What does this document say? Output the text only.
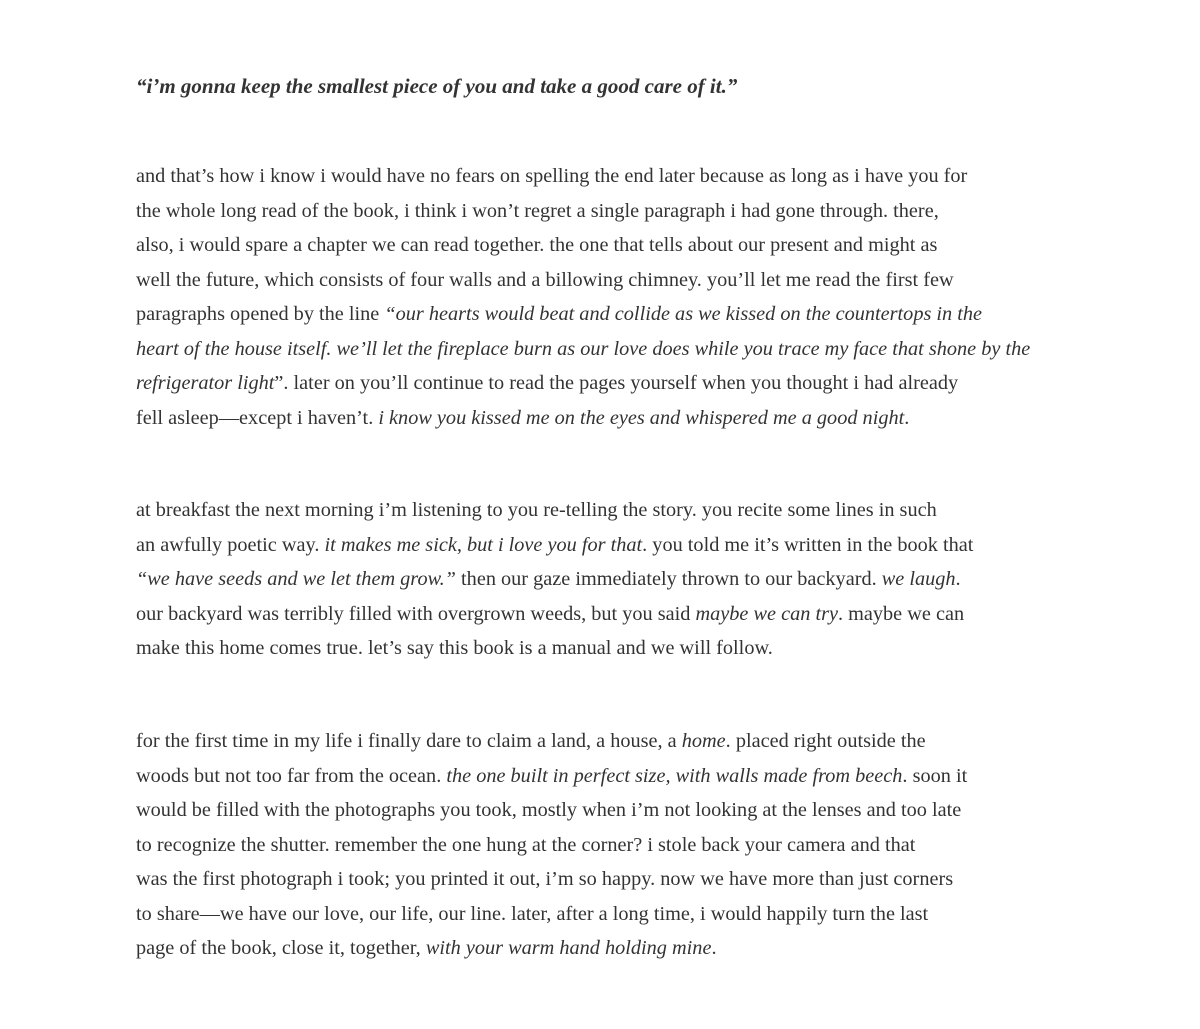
“i’m gonna keep the smallest piece of you and take a good care of it.”
and that’s how i know i would have no fears on spelling the end later because as long as i have you for
the whole long read of the book, i think i won’t regret a single paragraph i had gone through. there,
also, i would spare a chapter we can read together. the one that tells about our present and might as
well the future, which consists of four walls and a billowing chimney. you’ll let me read the first few
paragraphs opened by the line “our hearts would beat and collide as we kissed on the countertops in the
heart of the house itself. we’ll let the fireplace burn as our love does while you trace my face that shone by the
refrigerator light”. later on you’ll continue to read the pages yourself when you thought i had already
fell asleep—except i haven’t. i know you kissed me on the eyes and whispered me a good night.
at breakfast the next morning i’m listening to you re-telling the story. you recite some lines in such
an awfully poetic way. it makes me sick, but i love you for that. you told me it’s written in the book that
“we have seeds and we let them grow.” then our gaze immediately thrown to our backyard. we laugh.
our backyard was terribly filled with overgrown weeds, but you said maybe we can try. maybe we can
make this home comes true. let’s say this book is a manual and we will follow.
for the first time in my life i finally dare to claim a land, a house, a home. placed right outside the
woods but not too far from the ocean. the one built in perfect size, with walls made from beech. soon it
would be filled with the photographs you took, mostly when i’m not looking at the lenses and too late
to recognize the shutter. remember the one hung at the corner? i stole back your camera and that
was the first photograph i took; you printed it out, i’m so happy. now we have more than just corners
to share—we have our love, our life, our line. later, after a long time, i would happily turn the last
page of the book, close it, together, with your warm hand holding mine.
